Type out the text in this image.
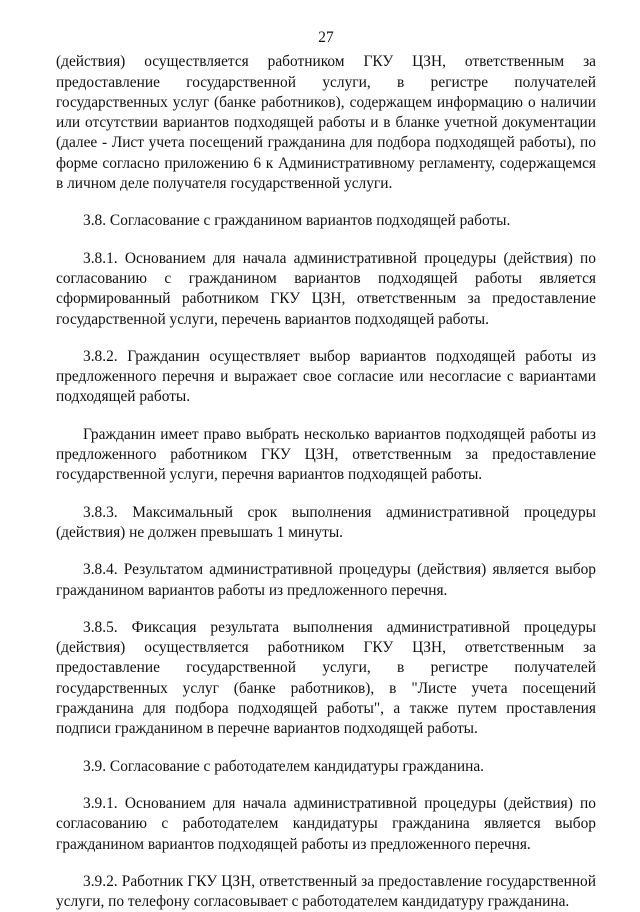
27

(действия) осуществляется работником ГКУ ЦЗН, ответственным за предоставление государственной услуги, в регистре получателей государственных услуг (банке работников), содержащем информацию о наличии или отсутствии вариантов подходящей работы и в бланке учетной документации (далее - Лист учета посещений гражданина для подбора подходящей работы), по форме согласно приложению 6 к Административному регламенту, содержащемся в личном деле получателя государственной услуги.

3.8. Согласование с гражданином вариантов подходящей работы.

3.8.1. Основанием для начала административной процедуры (действия) по согласованию с гражданином вариантов подходящей работы является сформированный работником ГКУ ЦЗН, ответственным за предоставление государственной услуги, перечень вариантов подходящей работы.

3.8.2. Гражданин осуществляет выбор вариантов подходящей работы из предложенного перечня и выражает свое согласие или несогласие с вариантами подходящей работы.

Гражданин имеет право выбрать несколько вариантов подходящей работы из предложенного работником ГКУ ЦЗН, ответственным за предоставление государственной услуги, перечня вариантов подходящей работы.

3.8.3. Максимальный срок выполнения административной процедуры (действия) не должен превышать 1 минуты.

3.8.4. Результатом административной процедуры (действия) является выбор гражданином вариантов работы из предложенного перечня.

3.8.5. Фиксация результата выполнения административной процедуры (действия) осуществляется работником ГКУ ЦЗН, ответственным за предоставление государственной услуги, в регистре получателей государственных услуг (банке работников), в "Листе учета посещений гражданина для подбора подходящей работы", а также путем проставления подписи гражданином в перечне вариантов подходящей работы.

3.9. Согласование с работодателем кандидатуры гражданина.

3.9.1. Основанием для начала административной процедуры (действия) по согласованию с работодателем кандидатуры гражданина является выбор гражданином вариантов подходящей работы из предложенного перечня.

3.9.2. Работник ГКУ ЦЗН, ответственный за предоставление государственной услуги, по телефону согласовывает с работодателем кандидатуру гражданина.
